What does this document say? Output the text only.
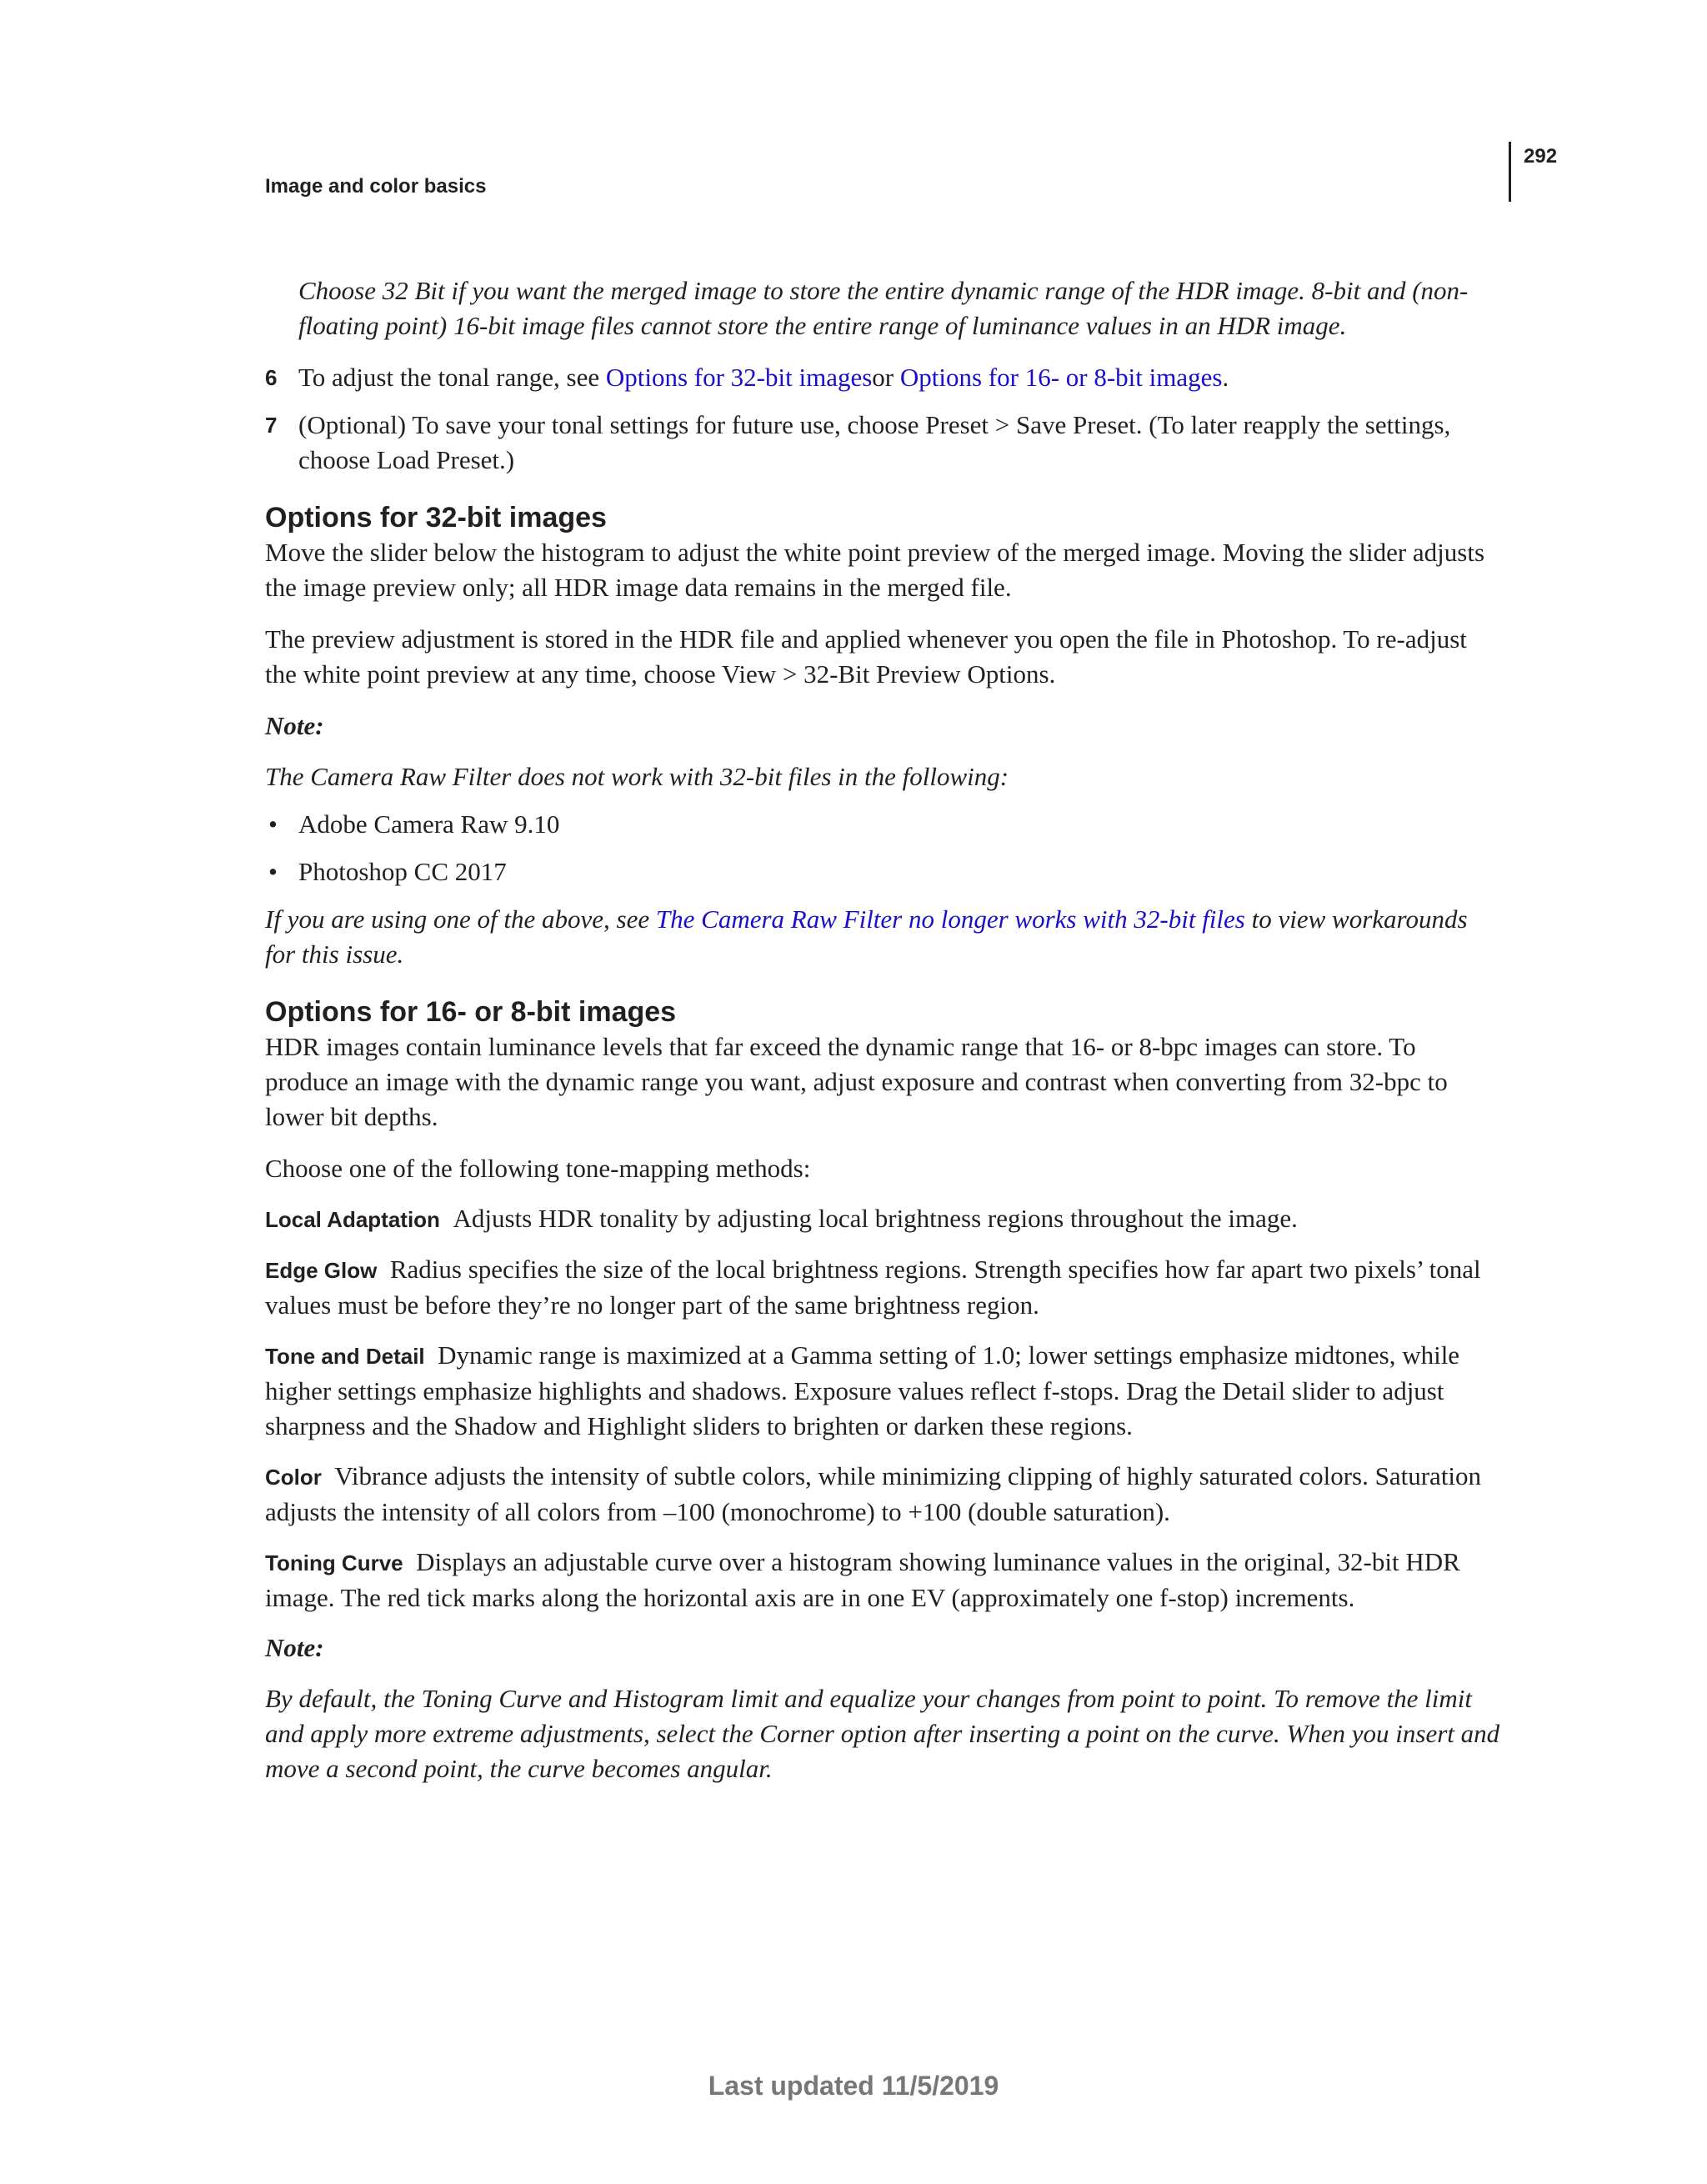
292
Image and color basics

Choose 32 Bit if you want the merged image to store the entire dynamic range of the HDR image. 8-bit and (non-floating point) 16-bit image files cannot store the entire range of luminance values in an HDR image.

6 To adjust the tonal range, see Options for 32-bit imagesor Options for 16- or 8-bit images.

7 (Optional) To save your tonal settings for future use, choose Preset > Save Preset. (To later reapply the settings, choose Load Preset.)

Options for 32-bit images

Move the slider below the histogram to adjust the white point preview of the merged image. Moving the slider adjusts the image preview only; all HDR image data remains in the merged file.

The preview adjustment is stored in the HDR file and applied whenever you open the file in Photoshop. To re-adjust the white point preview at any time, choose View > 32-Bit Preview Options.

Note:

The Camera Raw Filter does not work with 32-bit files in the following:

• Adobe Camera Raw 9.10

• Photoshop CC 2017

If you are using one of the above, see The Camera Raw Filter no longer works with 32-bit files to view workarounds for this issue.

Options for 16- or 8-bit images

HDR images contain luminance levels that far exceed the dynamic range that 16- or 8-bpc images can store. To produce an image with the dynamic range you want, adjust exposure and contrast when converting from 32-bpc to lower bit depths.

Choose one of the following tone-mapping methods:

Local Adaptation Adjusts HDR tonality by adjusting local brightness regions throughout the image.

Edge Glow Radius specifies the size of the local brightness regions. Strength specifies how far apart two pixels’ tonal values must be before they’re no longer part of the same brightness region.

Tone and Detail Dynamic range is maximized at a Gamma setting of 1.0; lower settings emphasize midtones, while higher settings emphasize highlights and shadows. Exposure values reflect f-stops. Drag the Detail slider to adjust sharpness and the Shadow and Highlight sliders to brighten or darken these regions.

Color Vibrance adjusts the intensity of subtle colors, while minimizing clipping of highly saturated colors. Saturation adjusts the intensity of all colors from –100 (monochrome) to +100 (double saturation).

Toning Curve Displays an adjustable curve over a histogram showing luminance values in the original, 32-bit HDR image. The red tick marks along the horizontal axis are in one EV (approximately one f-stop) increments.

Note:

By default, the Toning Curve and Histogram limit and equalize your changes from point to point. To remove the limit and apply more extreme adjustments, select the Corner option after inserting a point on the curve. When you insert and move a second point, the curve becomes angular.

Last updated 11/5/2019
